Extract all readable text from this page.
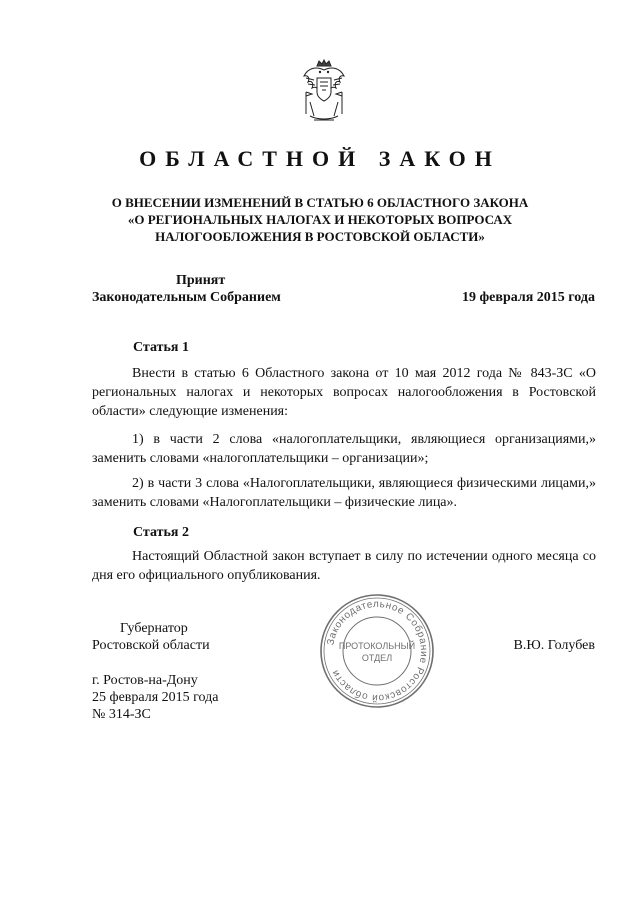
ОБЛАСТНОЙ ЗАКОН
О ВНЕСЕНИИ ИЗМЕНЕНИЙ В СТАТЬЮ 6 ОБЛАСТНОГО ЗАКОНА
«О РЕГИОНАЛЬНЫХ НАЛОГАХ И НЕКОТОРЫХ ВОПРОСАХ
НАЛОГООБЛОЖЕНИЯ В РОСТОВСКОЙ ОБЛАСТИ»
Принят
Законодательным Собранием	19 февраля 2015 года
Статья 1

Внести в статью 6 Областного закона от 10 мая 2012 года № 843-ЗС «О региональных налогах и некоторых вопросах налогообложения в Ростовской области» следующие изменения:

1) в части 2 слова «налогоплательщики, являющиеся организациями,» заменить словами «налогоплательщики – организации»;

2) в части 3 слова «Налогоплательщики, являющиеся физическими лицами,» заменить словами «Налогоплательщики – физические лица».

Статья 2

Настоящий Областной закон вступает в силу по истечении одного месяца со дня его официального опубликования.

Губернатор
Ростовской области	В.Ю. Голубев
г. Ростов-на-Дону
25 февраля 2015 года
№ 314-ЗС
Законодательное Собрание Ростовской области
ПРОТОКОЛЬНЫЙ
ОТДЕЛ
